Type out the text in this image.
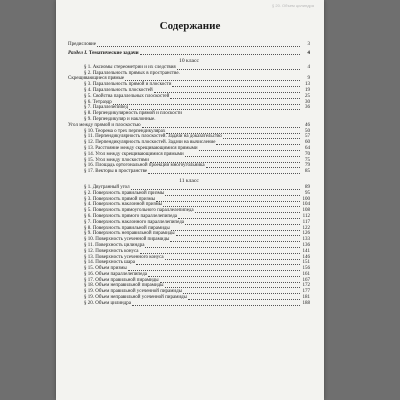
§ 20. Объем цилиндра
Содержание
Предисловие	3
Раздел I. Тематические задачи	4
10 класс
§ 1. Аксиомы стереометрии и их следствия	4
§ 2. Параллельность прямых в пространстве.
Скрещивающиеся прямые	9
§ 3. Параллельность прямой и плоскости	13
§ 4. Параллельность плоскостей	19
§ 5. Свойства параллельных плоскостей	25
§ 6. Тетраэдр	30
§ 7. Параллелепипед	36
§ 8. Перпендикулярность прямой и плоскости
§ 9. Перпендикуляр и наклонные.
Угол между прямой и плоскостью	46
§ 10. Теорема о трех перпендикулярах	50
§ 11. Перпендикулярность плоскостей. Задачи на доказательство	57
§ 12. Перпендикулярность плоскостей. Задачи на вычисление	60
§ 13. Расстояние между скрещивающимися прямыми	64
§ 14. Угол между скрещивающимися прямыми	70
§ 15. Угол между плоскостями	75
§ 16. Площадь ортогональной проекции многоугольника	79
§ 17. Векторы в пространстве	85
11 класс
§ 1. Двугранный угол	89
§ 2. Поверхность правильной призмы	95
§ 3. Поверхность прямой призмы	100
§ 4. Поверхность наклонной призмы	104
§ 5. Поверхность прямоугольного параллелепипеда	108
§ 6. Поверхность прямого параллелепипеда	112
§ 7. Поверхность наклонного параллелепипеда	117
§ 8. Поверхность правильной пирамиды	122
§ 9. Поверхность неправильной пирамиды	126
§ 10. Поверхность усеченной пирамиды	133
§ 11. Поверхность цилиндра	136
§ 12. Поверхность конуса	141
§ 13. Поверхность усеченного конуса	146
§ 14. Поверхность шара	151
§ 15. Объем призмы	156
§ 16. Объем параллелепипеда	161
§ 17. Объем правильной пирамиды	167
§ 18. Объем неправильной пирамиды	172
§ 19. Объем правильной усеченной пирамиды	177
§ 19. Объем неправильной усеченной пирамиды	181
§ 20. Объем цилиндра	188
· · ·
